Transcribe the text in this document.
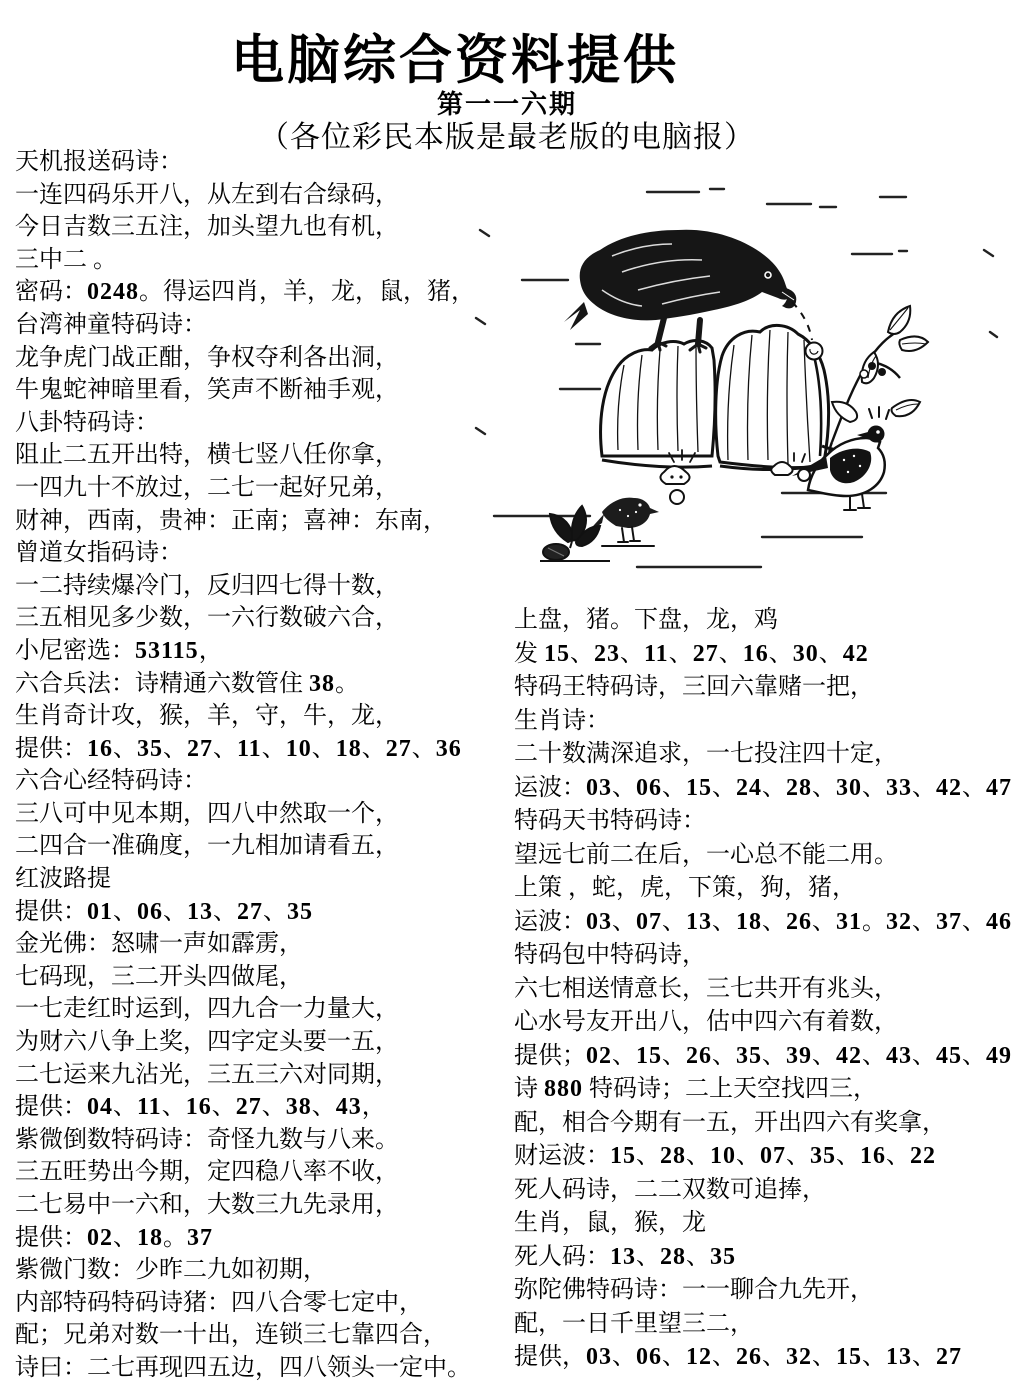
电脑综合资料提供
第一一六期
（各位彩民本版是最老版的电脑报）
天机报送码诗：
一连四码乐开八，从左到右合绿码，
今日吉数三五注，加头望九也有机，
三中二 。
密码：0248。得运四肖，羊，龙，鼠，猪，
台湾神童特码诗：
龙争虎门战正酣，争权夺利各出洞，
牛鬼蛇神暗里看，笑声不断袖手观，
八卦特码诗：
阻止二五开出特，横七竖八任你拿，
一四九十不放过，二七一起好兄弟，
财神，西南，贵神：正南；喜神：东南，
曾道女指码诗：
一二持续爆冷门，反归四七得十数，
三五相见多少数，一六行数破六合，
小尼密选：53115，
六合兵法：诗精通六数管住 38。
生肖奇计攻，猴，羊，守，牛，龙，
提供：16、35、27、11、10、18、27、36
六合心经特码诗：
三八可中见本期，四八中然取一个，
二四合一准确度，一九相加请看五，
红波路提
提供：01、06、13、27、35
金光佛：怒啸一声如霹雳，
七码现，三二开头四做尾，
一七走红时运到，四九合一力量大，
为财六八争上奖，四字定头要一五，
二七运来九沾光，三五三六对同期，
提供：04、11、16、27、38、43，
紫微倒数特码诗：奇怪九数与八来。
三五旺势出今期，定四稳八率不收，
二七易中一六和，大数三九先录用，
提供：02、18。37
紫微门数：少昨二九如初期，
内部特码特码诗猪：四八合零七定中，
配；兄弟对数一十出，连锁三七靠四合，
诗曰：二七再现四五边，四八领头一定中。
上盘，猪。下盘，龙，鸡
发 15、23、11、27、16、30、42
特码王特码诗，三回六靠赌一把，
生肖诗：
二十数满深追求，一七投注四十定，
运波：03、06、15、24、28、30、33、42、47
特码天书特码诗：
望远七前二在后，一心总不能二用。
上策 ，蛇，虎，下策，狗，猪，
运波：03、07、13、18、26、31。32、37、46
特码包中特码诗，
六七相送情意长，三七共开有兆头，
心水号友开出八，估中四六有着数，
提供；02、15、26、35、39、42、43、45、49
诗 880 特码诗；二上天空找四三，
配，相合今期有一五，开出四六有奖拿，
财运波：15、28、10、07、35、16、22
死人码诗，二二双数可追捧，
生肖，鼠，猴，龙
死人码：13、28、35
弥陀佛特码诗：一一聊合九先开，
配，一日千里望三二，
提供，03、06、12、26、32、15、13、27
